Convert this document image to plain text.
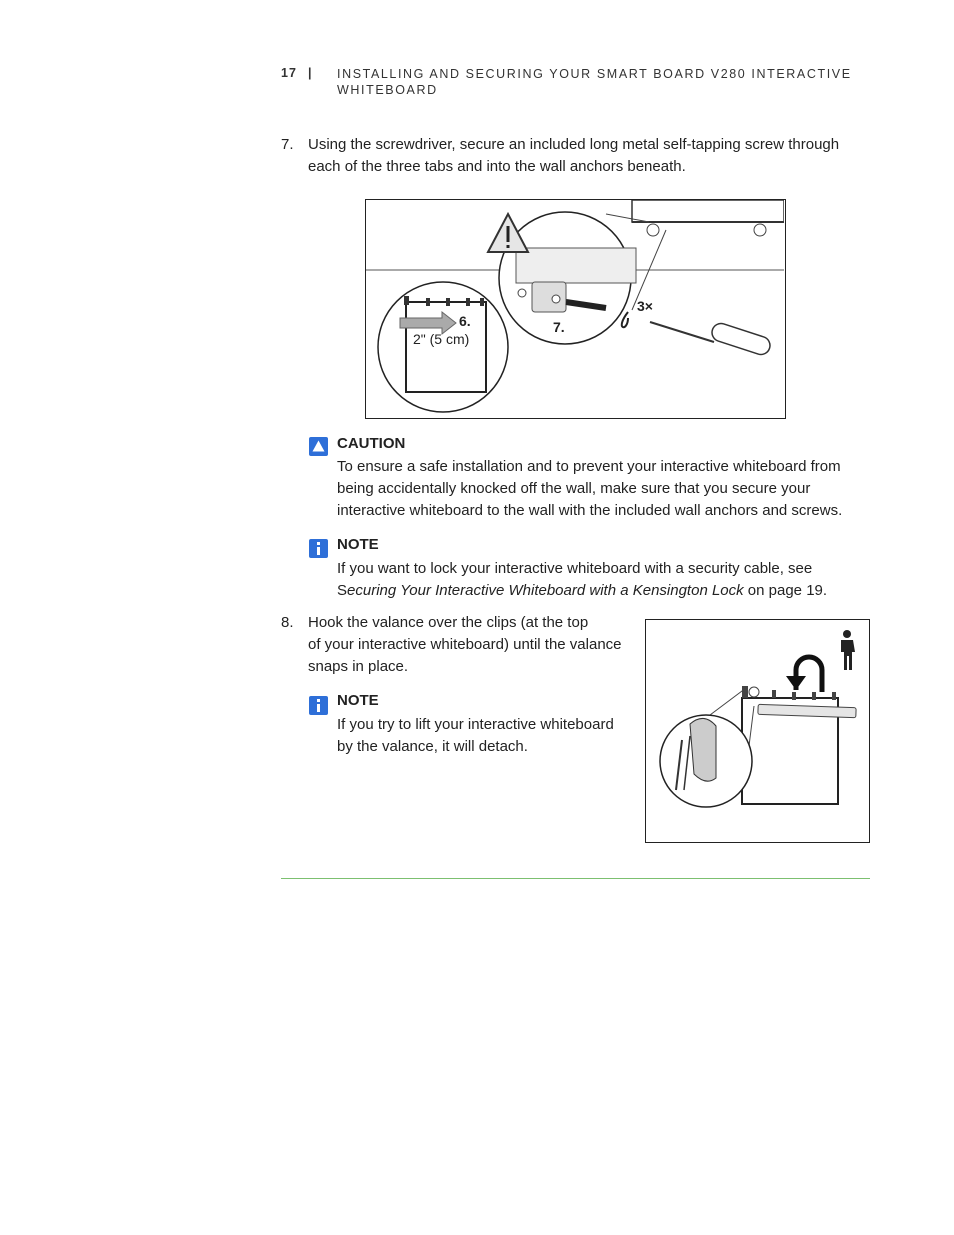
17 | INSTALLING AND SECURING YOUR SMART BOARD V280 INTERACTIVE WHITEBOARD
7. Using the screwdriver, secure an included long metal self-tapping screw through each of the three tabs and into the wall anchors beneath.
6.
2" (5 cm)
7.
3×
CAUTION
To ensure a safe installation and to prevent your interactive whiteboard from
being accidentally knocked off the wall, make sure that you secure your
interactive whiteboard to the wall with the included wall anchors and screws.
NOTE
If you want to lock your interactive whiteboard with a security cable, see
Securing Your Interactive Whiteboard with a Kensington Lock on page 19.
8. Hook the valance over the clips (at the top
of your interactive whiteboard) until the valance
snaps in place.
NOTE
If you try to lift your interactive whiteboard
by the valance, it will detach.
